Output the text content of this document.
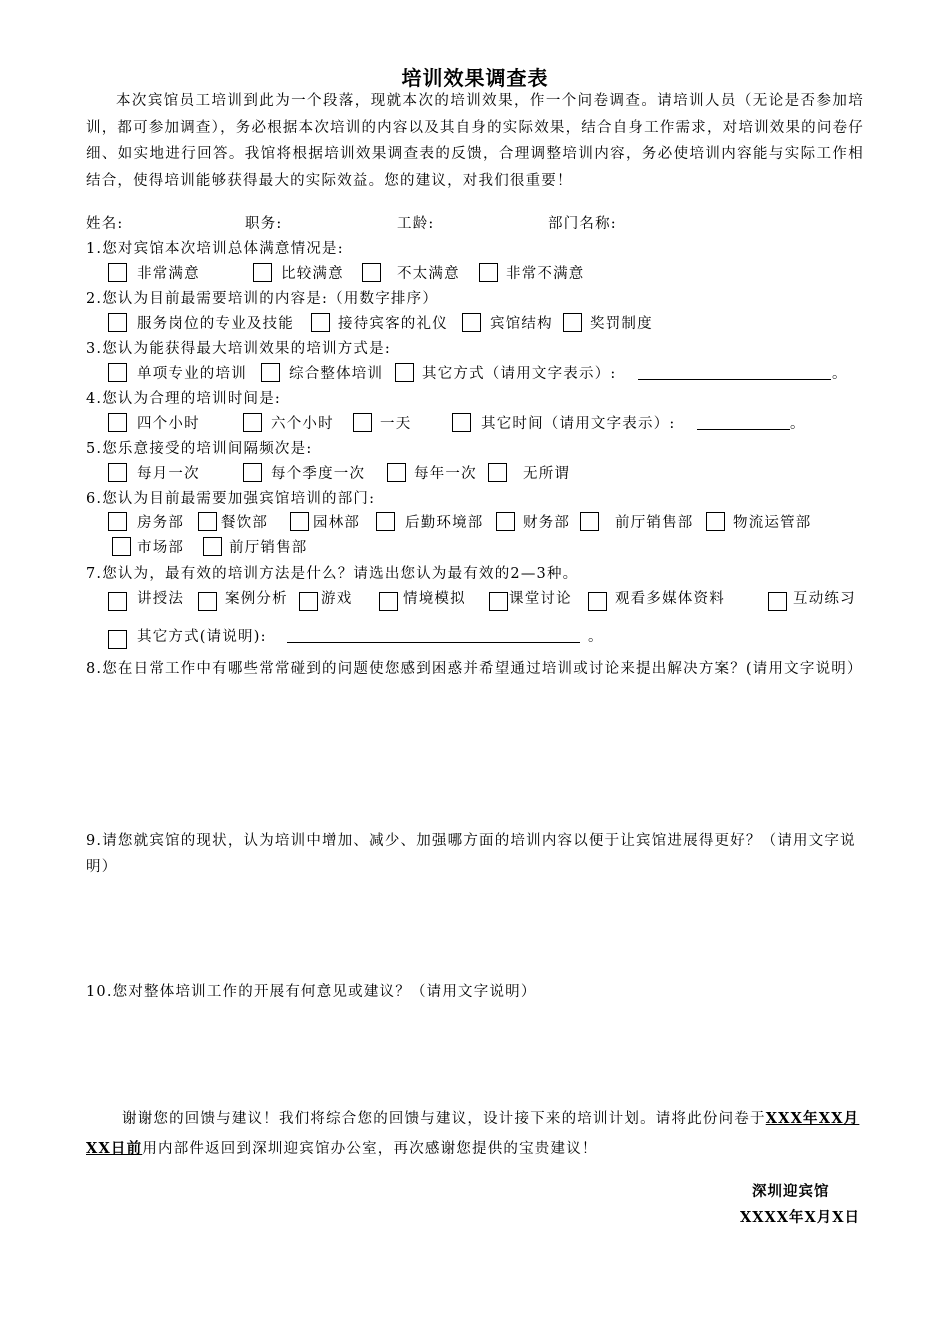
培训效果调查表
本次宾馆员工培训到此为一个段落，现就本次的培训效果，作一个问卷调查。请培训人员（无论是否参加培训，都可参加调查），务必根据本次培训的内容以及其自身的实际效果，结合自身工作需求，对培训效果的问卷仔细、如实地进行回答。我馆将根据培训效果调查表的反馈，合理调整培训内容，务必使培训内容能与实际工作相结合，使得培训能够获得最大的实际效益。您的建议，对我们很重要！
姓名:	职务:	工龄:	部门名称:
1.您对宾馆本次培训总体满意情况是:
非常满意	比较满意	不太满意	非常不满意
2.您认为目前最需要培训的内容是:（用数字排序）
服务岗位的专业及技能	接待宾客的礼仪	宾馆结构	奖罚制度
3.您认为能获得最大培训效果的培训方式是:
单项专业的培训	综合整体培训	其它方式（请用文字表示）:	。
4.您认为合理的培训时间是:
四个小时	六个小时	一天	其它时间（请用文字表示）:	。
5.您乐意接受的培训间隔频次是:
每月一次	每个季度一次	每年一次	无所谓
6.您认为目前最需要加强宾馆培训的部门:
房务部	餐饮部	园林部	后勤环境部	财务部	前厅销售部	物流运管部
市场部	前厅销售部
7.您认为，最有效的培训方法是什么？请选出您认为最有效的2—3种。
讲授法	案例分析 游戏	情境模拟	课堂讨论	观看多媒体资料	互动练习
其它方式(请说明):	。
8.您在日常工作中有哪些常常碰到的问题使您感到困惑并希望通过培训或讨论来提出解决方案？(请用文字说明）
9.请您就宾馆的现状，认为培训中增加、减少、加强哪方面的培训内容以便于让宾馆进展得更好？（请用文字说明）
10.您对整体培训工作的开展有何意见或建议？（请用文字说明）
谢谢您的回馈与建议！我们将综合您的回馈与建议，设计接下来的培训计划。请将此份问卷于XXX年XX月XX日前用内部件返回到深圳迎宾馆办公室，再次感谢您提供的宝贵建议！
深圳迎宾馆
XXXX年X月X日
